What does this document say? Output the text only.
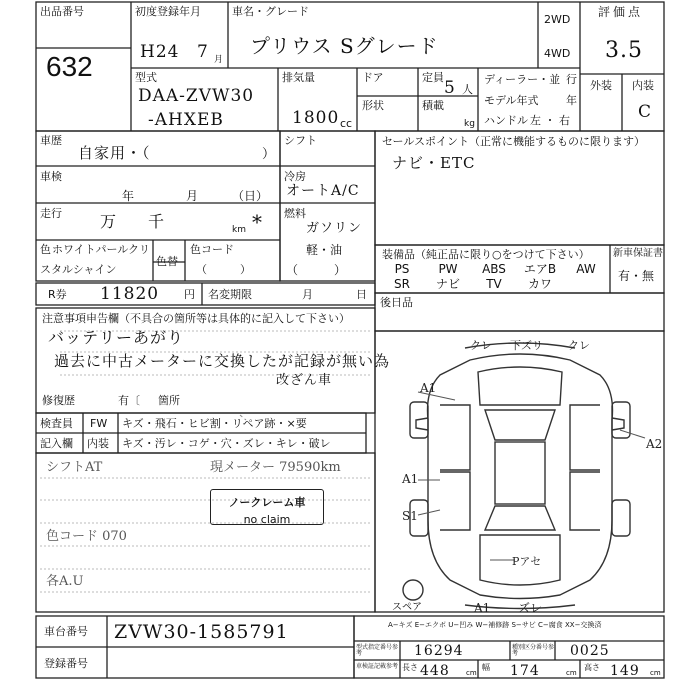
出品番号
632
初度登録年月
H24 7 月
車名・グレード
プリウス Sグレード
2WD
4WD
評価点
3.5
外装 内装
C
型式
DAA-ZVW30
-AHXEB
排気量
1800 cc
ドア	定員
5 人
形状	積載
kg
ディーラー・並 行
モデル年式	年
ハンドル 左 ・ 右
車歴
自家用・（	）
車検
年	月	（日）
走行 万 千	km *
色 ホワイトパールクリ
スタルシャイン
色替
色コード
（　　　）
シフト
冷房
オートA/C
燃料
ガソリン
軽・油
（　　　）
セールスポイント（正常に機能するものに限ります）
ナビ・ETC
装備品（純正品に限り○をつけて下さい）
PS	PW	ABS	エアB	AW
SR	ナビ	TV	カワ
新車保証書
有・無
R券 11820 円 名変期限	月	日
後日品
注意事項申告欄（不具合の箇所等は具体的に記入して下さい）
バッテリーあがり
過去に中古メーターに交換したが記録が無い為
改ざん車
修復歴	有〔 箇所
検査員
記入欄
FW キズ・飛石・ヒビ割・リペア跡・×要
内装 キズ・汚レ・コゲ・穴・ズレ・キレ・破レ
シフトAT	現メーター 79590km
ノークレーム車
no claim
色コード 070
各A.U
クレ 下ズリ クレ
A1
A2
A1
S1
Pアセ
スペア	A1 ズレ
車台番号 ZVW30-1585791
登録番号
A−キズ E−エクボ U−凹み W−補修跡 S−サビ C−腐食 XX−交換済
型式指定番号参考	16294	種別区分番号参考	0025
車検証記載参考 長さ 448 cm
幅 174	cm
高さ 149 cm
